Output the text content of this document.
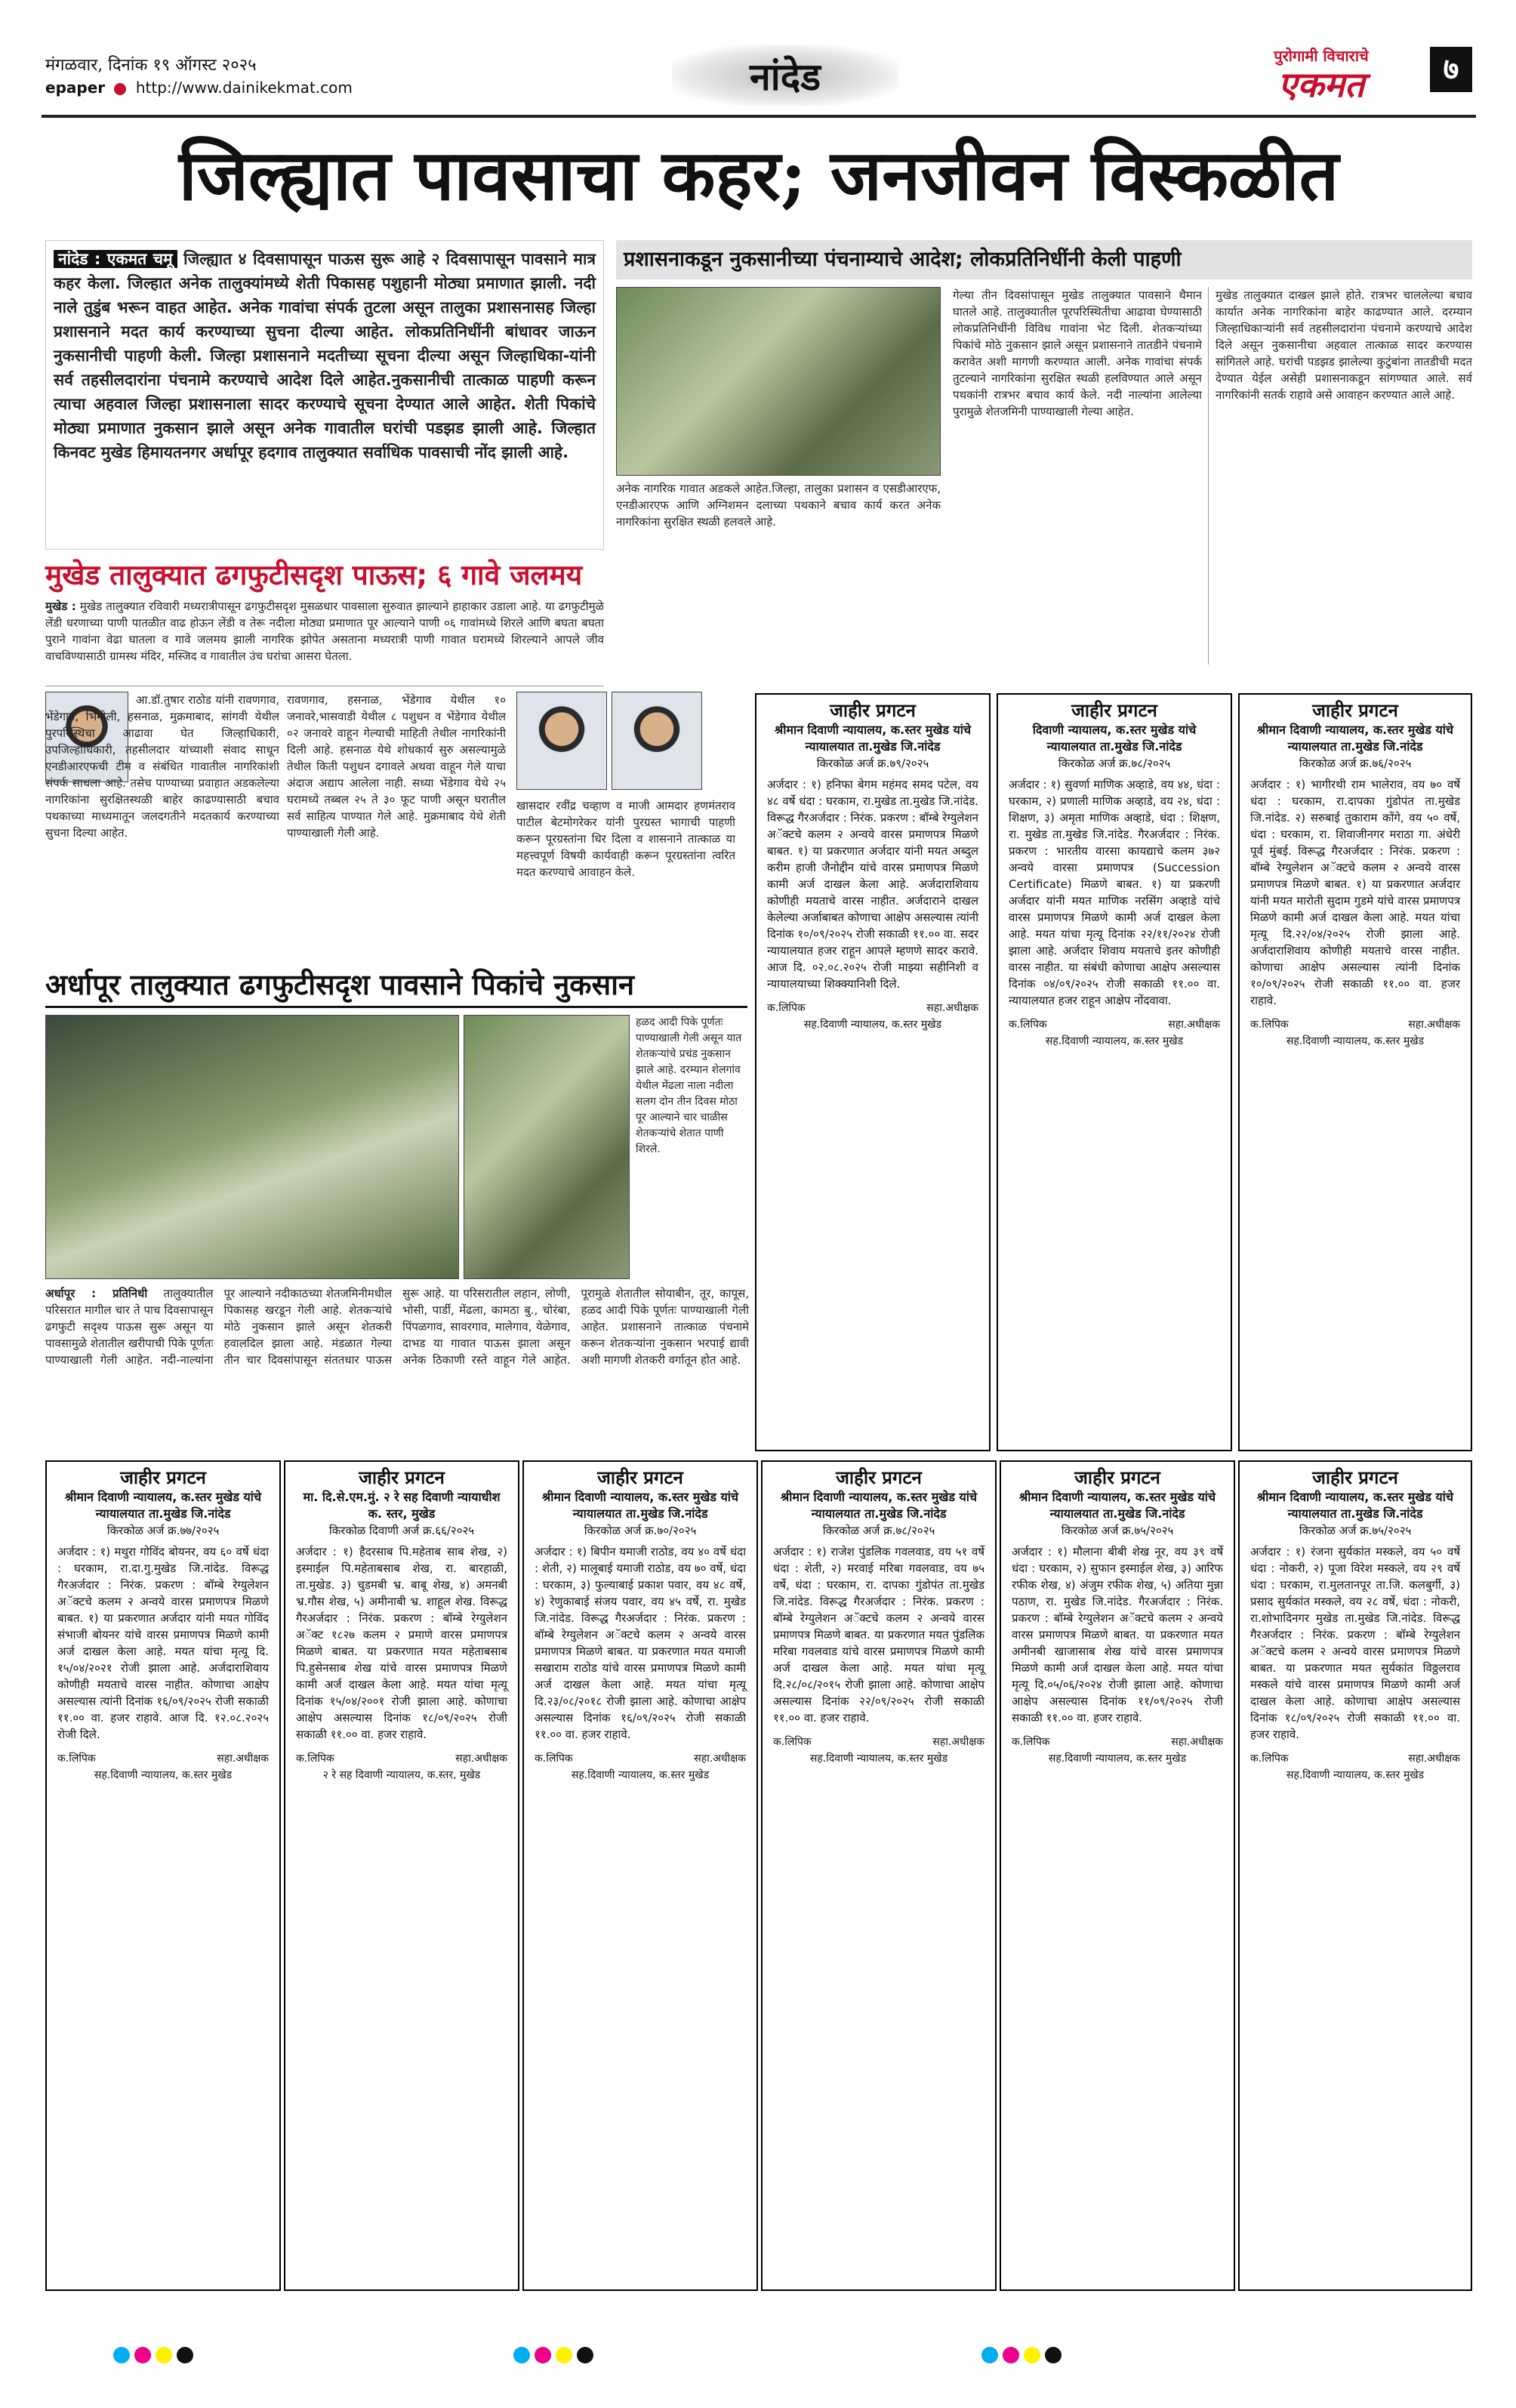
मंगळवार, दिनांक १९ ऑगस्ट २०२५
epaper http://www.dainikekmat.com	नांदेड	पुरोगामी विचाराचे
एकमत	७
जिल्ह्यात पावसाचा कहर; जनजीवन विस्कळीत
नांदेड : एकमत चमू जिल्ह्यात ४ दिवसापासून पाऊस सुरू आहे २ दिवसापासून पावसाने मात्र कहर केला. जिल्हात अनेक तालुक्यांमध्ये शेती पिकासह पशुहानी मोठ्या प्रमाणात झाली. नदी नाले तुडुंब भरून वाहत आहेत. अनेक गावांचा संपर्क तुटला असून तालुका प्रशासनासह जिल्हा प्रशासनाने मदत कार्य करण्याच्या सुचना दील्या आहेत. लोकप्रतिनिधींनी बांधावर जाऊन नुकसानीची पाहणी केली. जिल्हा प्रशासनाने मदतीच्या सूचना दील्या असून जिल्हाधिका-यांनी सर्व तहसीलदारांना पंचनामे करण्याचे आदेश दिले आहेत.नुकसानीची तात्काळ पाहणी करून त्याचा अहवाल जिल्हा प्रशासनाला सादर करण्याचे सूचना देण्यात आले आहेत. शेती पिकांचे मोठ्या प्रमाणात नुकसान झाले असून अनेक गावातील घरांची पडझड झाली आहे. जिल्हात किनवट मुखेड हिमायतनगर अर्धापूर हदगाव तालुक्यात सर्वाधिक पावसाची नोंद झाली आहे.
प्रशासनाकडून नुकसानीच्या पंचनाम्याचे आदेश; लोकप्रतिनिधींनी केली पाहणी
अनेक नागरिक गावात अडकले आहेत.जिल्हा, तालुका प्रशासन व एसडीआरएफ, एनडीआरएफ आणि अग्निशमन दलाच्या पथकाने बचाव कार्य करत अनेक नागरिकांना सुरक्षित स्थळी हलवले आहे.
गेल्या तीन दिवसांपासून मुखेड तालुक्यात पावसाने थैमान घातले आहे. तालुक्यातील पूरपरिस्थितीचा आढावा घेण्यासाठी लोकप्रतिनिधींनी विविध गावांना भेट दिली. शेतकऱ्यांच्या पिकांचे मोठे नुकसान झाले असून प्रशासनाने तातडीने पंचनामे करावेत अशी मागणी करण्यात आली. अनेक गावांचा संपर्क तुटल्याने नागरिकांना सुरक्षित स्थळी हलविण्यात आले असून पथकांनी रात्रभर बचाव कार्य केले. नदी नाल्यांना आलेल्या पुरामुळे शेतजमिनी पाण्याखाली गेल्या आहेत.
मुखेड तालुक्यात दाखल झाले होते. रात्रभर चाललेल्या बचाव कार्यात अनेक नागरिकांना बाहेर काढण्यात आले. दरम्यान जिल्हाधिकाऱ्यांनी सर्व तहसीलदारांना पंचनामे करण्याचे आदेश दिले असून नुकसानीचा अहवाल तात्काळ सादर करण्यास सांगितले आहे. घरांची पडझड झालेल्या कुटुंबांना तातडीची मदत देण्यात येईल असेही प्रशासनाकडून सांगण्यात आले. सर्व नागरिकांनी सतर्क राहावे असे आवाहन करण्यात आले आहे.
मुखेड तालुक्यात ढगफुटीसदृश पाऊस; ६ गावे जलमय
मुखेड : मुखेड तालुक्यात रविवारी मध्यरात्रीपासून ढगफुटीसदृश मुसळधार पावसाला सुरुवात झाल्याने हाहाकार उडाला आहे. या ढगफुटीमुळे लेंडी धरणाच्या पाणी पातळीत वाढ होऊन लेंडी व तेरू नदीला मोठ्या प्रमाणात पूर आल्याने पाणी ०६ गावांमध्ये शिरले आणि बघता बघता पुराने गावांना वेढा घातला व गावे जलमय झाली नागरिक झोपेत असताना मध्यरात्री पाणी गावात घरामध्ये शिरल्याने आपले जीव वाचविण्यासाठी ग्रामस्थ मंदिर, मस्जिद व गावातील उंच घरांचा आसरा घेतला.
आ.डॉ.तुषार राठोड यांनी रावणगाव, भेंडेगाव, भिंगोली, हसनाळ, मुक्रमाबाद, सांगवी येथील पुरपरिस्थिचा आढावा घेत जिल्हाधिकारी, उपजिल्हाधिकारी, तहसीलदार यांच्याशी संवाद साधून एनडीआरएफची टीम व संबंधित गावातील नागरिकांशी संपर्क साधला आहे. तसेच पाण्याच्या प्रवाहात अडकलेल्या नागरिकांना सुरक्षितस्थळी बाहेर काढण्यासाठी बचाव पथकाच्या माध्यमातून जलदगतीने मदतकार्य करण्याच्या सुचना दिल्या आहेत.
रावणगाव, हसनाळ, भेंडेगाव येथील १० जनावरे,भासवाडी येथील ८ पशुधन व भेंडेगाव येथील ०२ जनावरे वाहून गेल्याची माहिती तेथील नागरिकांनी दिली आहे. हसनाळ येथे शोधकार्य सुरु असल्यामुळे तेथील किती पशुधन दगावले अथवा वाहून गेले याचा अंदाज अद्याप आलेला नाही. सध्या भेंडेगाव येथे २५ घरामध्ये तब्बल २५ ते ३० फूट पाणी असून घरातील सर्व साहित्य पाण्यात गेले आहे. मुक्रमाबाद येथे शेती पाण्याखाली गेली आहे.
खासदार रवींद्र चव्हाण व माजी आमदार हणमंतराव पाटील बेटमोगरेकर यांनी पुरग्रस्त भागाची पाहणी करून पूरग्रस्तांना धिर दिला व शासनाने तात्काळ या महत्त्वपूर्ण विषयी कार्यवाही करून पूरग्रस्तांना त्वरित मदत करण्याचे आवाहन केले.
अर्धापूर तालुक्यात ढगफुटीसदृश पावसाने पिकांचे नुकसान
हळद आदी पिके पूर्णतः पाण्याखाली गेली असून यात शेतकऱ्यांचे प्रचंड नुकसान झाले आहे. दरम्यान शेलगांव येथील मेंढला नाला नदीला सलग दोन तीन दिवस मोठा पूर आल्याने चार चाळीस शेतकऱ्यांचे शेतात पाणी शिरले.
अर्धापूर : प्रतिनिधी तालुक्यातील परिसरात मागील चार ते पाच दिवसापासून ढगफुटी सदृश्य पाऊस सुरू असून या पावसामुळे शेतातील खरीपाची पिके पूर्णतः पाण्याखाली गेली आहेत. नदी-नाल्यांना पूर आल्याने नदीकाठच्या शेतजमिनीमधील पिकासह खरडून गेली आहे. शेतकऱ्यांचे मोठे नुकसान झाले असून शेतकरी हवालदिल झाला आहे. मंडळात गेल्या तीन चार दिवसांपासून संततधार पाऊस सुरू आहे. या परिसरातील लहान, लोणी, भोसी, पार्डी, मेंढला, कामठा बु., चोरंबा, पिंपळगाव, सावरगाव, मालेगाव, येळेगाव, दाभड या गावात पाऊस झाला असून अनेक ठिकाणी रस्ते वाहून गेले आहेत. पूरामुळे शेतातील सोयाबीन, तूर, कापूस, हळद आदी पिके पूर्णतः पाण्याखाली गेली आहेत. प्रशासनाने तात्काळ पंचनामे करून शेतकऱ्यांना नुकसान भरपाई द्यावी अशी मागणी शेतकरी वर्गातून होत आहे.
जाहीर प्रगटन
श्रीमान दिवाणी न्यायालय, क.स्तर मुखेड यांचे न्यायालयात ता.मुखेड जि.नांदेड
किरकोळ अर्ज क्र.७९/२०२५
अर्जदार : १) हनिफा बेगम महंमद समद पटेल, वय ४८ वर्षे धंदा : घरकाम, रा.मुखेड ता.मुखेड जि.नांदेड. विरूद्ध गैरअर्जदार : निरंक. प्रकरण : बॉम्बे रेग्युलेशन अॅक्टचे कलम २ अन्वये वारस प्रमाणपत्र मिळणे बाबत. १) या प्रकरणात अर्जदार यांनी मयत अब्दुल करीम हाजी जैनोद्दीन यांचे वारस प्रमाणपत्र मिळणे कामी अर्ज दाखल केला आहे. अर्जदाराशिवाय कोणीही मयताचे वारस नाहीत. अर्जदाराने दाखल केलेल्या अर्जाबाबत कोणाचा आक्षेप असल्यास त्यांनी दिनांक १०/०९/२०२५ रोजी सकाळी ११.०० वा. सदर न्यायालयात हजर राहून आपले म्हणणे सादर करावे. आज दि. ०२.०८.२०२५ रोजी माझ्या सहीनिशी व न्यायालयाच्या शिक्क्यानिशी दिले.
क.लिपिक	सहा.अधीक्षक
सह.दिवाणी न्यायालय, क.स्तर मुखेड
जाहीर प्रगटन
दिवाणी न्यायालय, क.स्तर मुखेड यांचे न्यायालयात ता.मुखेड जि.नांदेड
किरकोळ अर्ज क्र.७८/२०२५
अर्जदार : १) सुवर्णा माणिक अव्हाडे, वय ४४, धंदा : घरकाम, २) प्रणाली माणिक अव्हाडे, वय २४, धंदा : शिक्षण, ३) अमृता माणिक अव्हाडे, धंदा : शिक्षण, रा. मुखेड ता.मुखेड जि.नांदेड. गैरअर्जदार : निरंक. प्रकरण : भारतीय वारसा कायद्याचे कलम ३७२ अन्वये वारसा प्रमाणपत्र (Succession Certificate) मिळणे बाबत. १) या प्रकरणी अर्जदार यांनी मयत माणिक नरसिंग अव्हाडे यांचे वारस प्रमाणपत्र मिळणे कामी अर्ज दाखल केला आहे. मयत यांचा मृत्यू दिनांक २२/११/२०२४ रोजी झाला आहे. अर्जदार शिवाय मयताचे इतर कोणीही वारस नाहीत. या संबंधी कोणाचा आक्षेप असल्यास दिनांक ०४/०९/२०२५ रोजी सकाळी ११.०० वा. न्यायालयात हजर राहून आक्षेप नोंदवावा.
क.लिपिक	सहा.अधीक्षक
सह.दिवाणी न्यायालय, क.स्तर मुखेड
जाहीर प्रगटन
श्रीमान दिवाणी न्यायालय, क.स्तर मुखेड यांचे न्यायालयात ता.मुखेड जि.नांदेड
किरकोळ अर्ज क्र.७६/२०२५
अर्जदार : १) भागीरथी राम भालेराव, वय ७० वर्षे धंदा : घरकाम, रा.दापका गुंडोपंत ता.मुखेड जि.नांदेड. २) सरुबाई तुकाराम कोंगे, वय ५० वर्षे, धंदा : घरकाम, रा. शिवाजीनगर मराठा गा. अंधेरी पूर्व मुंबई. विरूद्ध गैरअर्जदार : निरंक. प्रकरण : बॉम्बे रेग्युलेशन अॅक्टचे कलम २ अन्वये वारस प्रमाणपत्र मिळणे बाबत. १) या प्रकरणात अर्जदार यांनी मयत मारोती सुदाम गुडमे यांचे वारस प्रमाणपत्र मिळणे कामी अर्ज दाखल केला आहे. मयत यांचा मृत्यू दि.२२/०४/२०२५ रोजी झाला आहे. अर्जदाराशिवाय कोणीही मयताचे वारस नाहीत. कोणाचा आक्षेप असल्यास त्यांनी दिनांक १०/०९/२०२५ रोजी सकाळी ११.०० वा. हजर राहावे.
क.लिपिक	सहा.अधीक्षक
सह.दिवाणी न्यायालय, क.स्तर मुखेड
जाहीर प्रगटन
श्रीमान दिवाणी न्यायालय, क.स्तर मुखेड यांचे न्यायालयात ता.मुखेड जि.नांदेड
किरकोळ अर्ज क्र.७७/२०२५
अर्जदार : १) मथुरा गोविंद बोयनर, वय ६० वर्षे धंदा : घरकाम, रा.दा.गु.मुखेड जि.नांदेड. विरूद्ध गैरअर्जदार : निरंक. प्रकरण : बॉम्बे रेग्युलेशन अॅक्टचे कलम २ अन्वये वारस प्रमाणपत्र मिळणे बाबत. १) या प्रकरणात अर्जदार यांनी मयत गोविंद संभाजी बोयनर यांचे वारस प्रमाणपत्र मिळणे कामी अर्ज दाखल केला आहे. मयत यांचा मृत्यू दि. १५/०४/२०२१ रोजी झाला आहे. अर्जदाराशिवाय कोणीही मयताचे वारस नाहीत. कोणाचा आक्षेप असल्यास त्यांनी दिनांक १६/०९/२०२५ रोजी सकाळी ११.०० वा. हजर राहावे. आज दि. १२.०८.२०२५ रोजी दिले.
क.लिपिक	सहा.अधीक्षक
सह.दिवाणी न्यायालय, क.स्तर मुखेड
जाहीर प्रगटन
मा. दि.से.एम.मुं. २ रे सह दिवाणी न्यायाधीश क. स्तर, मुखेड
किरकोळ दिवाणी अर्ज क्र.६६/२०२५
अर्जदार : १) हैदरसाब पि.महेताब साब शेख, २) इस्माईल पि.महेताबसाब शेख, रा. बारहाळी, ता.मुखेड. ३) चुडमबी भ्र. बाबू शेख, ४) अमनबी भ्र.गौस शेख, ५) अमीनाबी भ्र. शाहूल शेख. विरूद्ध गैरअर्जदार : निरंक. प्रकरण : बॉम्बे रेग्युलेशन अॅक्ट १८२७ कलम २ प्रमाणे वारस प्रमाणपत्र मिळणे बाबत. या प्रकरणात मयत महेताबसाब पि.हुसेनसाब शेख यांचे वारस प्रमाणपत्र मिळणे कामी अर्ज दाखल केला आहे. मयत यांचा मृत्यू दिनांक १५/०४/२००१ रोजी झाला आहे. कोणाचा आक्षेप असल्यास दिनांक १८/०९/२०२५ रोजी सकाळी ११.०० वा. हजर राहावे.
क.लिपिक	सहा.अधीक्षक
२ रे सह दिवाणी न्यायालय, क.स्तर, मुखेड
जाहीर प्रगटन
श्रीमान दिवाणी न्यायालय, क.स्तर मुखेड यांचे न्यायालयात ता.मुखेड जि.नांदेड
किरकोळ अर्ज क्र.७०/२०२५
अर्जदार : १) बिपीन यमाजी राठोड, वय ४० वर्षे धंदा : शेती, २) मालूबाई यमाजी राठोड, वय ७० वर्षे, धंदा : घरकाम, ३) फुल्याबाई प्रकाश पवार, वय ४८ वर्षे, ४) रेणुकाबाई संजय पवार, वय ४५ वर्षे, रा. मुखेड जि.नांदेड. विरूद्ध गैरअर्जदार : निरंक. प्रकरण : बॉम्बे रेग्युलेशन अॅक्टचे कलम २ अन्वये वारस प्रमाणपत्र मिळणे बाबत. या प्रकरणात मयत यमाजी सखाराम राठोड यांचे वारस प्रमाणपत्र मिळणे कामी अर्ज दाखल केला आहे. मयत यांचा मृत्यू दि.२३/०८/२०१८ रोजी झाला आहे. कोणाचा आक्षेप असल्यास दिनांक १६/०९/२०२५ रोजी सकाळी ११.०० वा. हजर राहावे.
क.लिपिक	सहा.अधीक्षक
सह.दिवाणी न्यायालय, क.स्तर मुखेड
जाहीर प्रगटन
श्रीमान दिवाणी न्यायालय, क.स्तर मुखेड यांचे न्यायालयात ता.मुखेड जि.नांदेड
किरकोळ अर्ज क्र.७८/२०२५
अर्जदार : १) राजेश पुंडलिक गवलवाड, वय ५१ वर्षे धंदा : शेती, २) मरवाई मरिबा गवलवाड, वय ७५ वर्षे, धंदा : घरकाम, रा. दापका गुंडोपंत ता.मुखेड जि.नांदेड. विरूद्ध गैरअर्जदार : निरंक. प्रकरण : बॉम्बे रेग्युलेशन अॅक्टचे कलम २ अन्वये वारस प्रमाणपत्र मिळणे बाबत. या प्रकरणात मयत पुंडलिक मरिबा गवलवाड यांचे वारस प्रमाणपत्र मिळणे कामी अर्ज दाखल केला आहे. मयत यांचा मृत्यू दि.२८/०८/२०१५ रोजी झाला आहे. कोणाचा आक्षेप असल्यास दिनांक २२/०९/२०२५ रोजी सकाळी ११.०० वा. हजर राहावे.
क.लिपिक	सहा.अधीक्षक
सह.दिवाणी न्यायालय, क.स्तर मुखेड
जाहीर प्रगटन
श्रीमान दिवाणी न्यायालय, क.स्तर मुखेड यांचे न्यायालयात ता.मुखेड जि.नांदेड
किरकोळ अर्ज क्र.७५/२०२५
अर्जदार : १) मौलाना बीबी शेख नूर, वय ३९ वर्षे धंदा : घरकाम, २) सुफान इस्माईल शेख, ३) आरिफ रफीक शेख, ४) अंजुम रफीक शेख, ५) अतिया मुन्ना पठाण, रा. मुखेड जि.नांदेड. गैरअर्जदार : निरंक. प्रकरण : बॉम्बे रेग्युलेशन अॅक्टचे कलम २ अन्वये वारस प्रमाणपत्र मिळणे बाबत. या प्रकरणात मयत अमीनबी खाजासाब शेख यांचे वारस प्रमाणपत्र मिळणे कामी अर्ज दाखल केला आहे. मयत यांचा मृत्यू दि.०५/०६/२०२४ रोजी झाला आहे. कोणाचा आक्षेप असल्यास दिनांक ११/०९/२०२५ रोजी सकाळी ११.०० वा. हजर राहावे.
क.लिपिक	सहा.अधीक्षक
सह.दिवाणी न्यायालय, क.स्तर मुखेड
जाहीर प्रगटन
श्रीमान दिवाणी न्यायालय, क.स्तर मुखेड यांचे न्यायालयात ता.मुखेड जि.नांदेड
किरकोळ अर्ज क्र.७५/२०२५
अर्जदार : १) रंजना सुर्यकांत मस्कले, वय ५० वर्षे धंदा : नोकरी, २) पूजा विरेश मस्कले, वय २९ वर्षे धंदा : घरकाम, रा.मुलतानपूर ता.जि. कलबुर्गी, ३) प्रसाद सुर्यकांत मस्कले, वय २८ वर्षे, धंदा : नोकरी, रा.शोभादिनगर मुखेड ता.मुखेड जि.नांदेड. विरूद्ध गैरअर्जदार : निरंक. प्रकरण : बॉम्बे रेग्युलेशन अॅक्टचे कलम २ अन्वये वारस प्रमाणपत्र मिळणे बाबत. या प्रकरणात मयत सुर्यकांत विठ्ठलराव मस्कले यांचे वारस प्रमाणपत्र मिळणे कामी अर्ज दाखल केला आहे. कोणाचा आक्षेप असल्यास दिनांक १८/०९/२०२५ रोजी सकाळी ११.०० वा. हजर राहावे.
क.लिपिक	सहा.अधीक्षक
सह.दिवाणी न्यायालय, क.स्तर मुखेड
